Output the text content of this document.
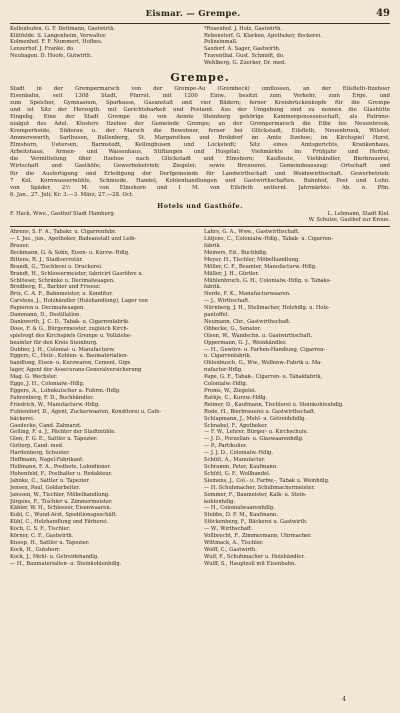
Eismar. — Grempe.	49
Kellenhufen. G. F. Dettmann, Gastwirth.
Klütfelde. S. Langenheim, Verwalter.
Kolmenhof. F. F. Nummert, Hofbes.
Lenzerhof. J. Franke, do.
Neuhagen. D. Hoofe, Gutwirth.
*Rosenhof. J. Holz, Gastwirth.
Rebenstorf. G. Klarken, Apotheker, fleckerei.
Polizeinmall.
Saxdorf. A. Sager, Gastwirth.
Traventhal. Gust. Schmidt, do.
Wehlberg. G. Zuerker, Dr. med.
Grempe.
Stadt in der Grempermarsch von der Grempe-Au (Grembeck) umflossen, an der Eilsfleth-Itzehoer
Eisenbahn, seit 1308 Stadt, Pfarrst. mit 1200 Einw., besitzt zum Verkehr, zum Erge. und
zum Speicher, Gymnasium, Sparkasse, Gasanstalt und vier Bädern; ferner Kreisbrückenkopfe für die Grempe
und ist Sitz der Herzogth. mit Gerichtsbarkeit und Postamt. Aus der Umgebung sind zu nennen die Glashütte
Eingebg. Eine der Stadt Grempe die von Aemte Steinburg gehörige Kammergenossenschaft, als Patrimo-
nialgut des Adel. Klosters Itzehoe der Gemeinde Grempe; an der Grempermarsch die Elbe bis Neuenbrook,
Kremperheide, Süderau u. der Marsch die Bewohner, ferner bei Glückstadt, Eilsfleth, Neuenbrook, Wilster.
Ammerswurth, Sarlhusen, Bullenberg, St. Margarethen und Brokdorf im Amte Itzehoe; im Kirchspiel Horst,
Elmshorn, Uetersen, Barmstedt, Kellinghusen und Lockstedt; Sitz eines Amtsgerichts, Krankenhaus,
Arbeitshaus, Armen- und Waisenhaus, Stiftungen und Hospital; Viehmärkte im Frühjahr und Herbst;
die Vermittelung über Itzehoe nach Glückstadt und Elmshorn; Kaufleute, Viehhändler, Bierbrauerei,
Wirtschaft und Gasthöfe; Gewerbebetrieb; Ziegelei; sowie Brennerei. Gemeindeauszug: Ortschaft und
für die Ausfertigung und Erledigung der Dorfgemeinde für Landwirthschaft und Weidewirthschaft. Gewerbetrieb:
7 Kol. Kornwassermühle, Schmiede, Handel, Kohlenhandlungen und Gastwirthschaften. Bahnhof, Post und Lohn.
von Späder, 2½ M. von Elmshorn und 1 M. von Eilsfleth entfernt. Jahrmärkte: Ab. n. Pfm.
6. Jan., 27. Juli; Kr. 3.—3. März, 27.—28. Oct.
Hotels und Gasthöfe.
F. Hack, Wwe., Gasthof Stadt Hamburg.	L. Lehmann, Stadt Kiel.
W. Schulze, Gasthof zur Kroue.
Ahrens, S. F. A., Tabakr. u. Cigarrenfabr.
— I. Jos., jun., Apotheker, Badeanstalt und Leih-
Brauer.
Beckmann, G. & Sohn, Eisen- u. Kurzw.-Hdlg.
Bittens, R. J., Stadtsecretär.
Brandt, G., Tischlerei u. Druckerei.
Brandt, H., Schlossermeister, fabricirt Gasröhre u.
Schlösser, Schränke u. Decimalwaagen.
Brodberg, E., Barbier und Friseur.
Brix, C. A. F., Bahnmeister, u. Konditor.
Carstens, J., Holzhändler (Holzhandlung), Lager von
Papieren u. Decimalwaagen.
Dammann, D., Destillation.
Dankwerth, J. C. D., Tabak- u. Cigarrenfabrik.
Dose, F. & G., Bürgermeister, zugleich Kirch-
spielvogt des Kirchspiels Grempe u. Vollziehe-
beamter für den Kreis Steinburg.
Dubber, J. H., Colonial- u. Manufacturw.
Eggers, C., Holz-, Kohlen- u. Baumaterialien-
handlung, Eisen- u. Kurzwaren, Cement, Gips
lager, Agent der Assecuranz-Generalversicherung
Mag. G. Wechsler.
Egge, J. H., Colonialw.-Hdlg.
Eggers, A., Lohnkutscher u. Fuhrm.-Hdlg.
Fahrenberg, F. D., Buchhändler.
Friedrich, W., Manufacturw.-Hdlg.
Fuhlendorf, D., Agent, Zuckerwaaren, Konditorei u. Café-
bäckerei.
Gaedecke, Cand. Zahnarzt.
Gelling, F. u. J., Pächter der Stadtmühle.
Glen, F. G. E., Sattler u. Tapezier.
Gottorp, Cand. med.
Hardenberg, Schuster.
Hoffmann, Nagel-Fabrikant.
Hollmann, F. A., Postbote, Lohndiener.
Hohenfeld, F., Posthalter u. Redakteur.
Jahnke, C., Sattler u. Tapezier.
Jensen, Paul, Goldarbeiter.
Janssen, W., Tischler, Möbelhandlung.
Jürgens, F., Tischler u. Zimmermeister.
Kähler, W. H., Schlosser, Eisenwaaren.
Kuhl, C., Wund-Arzt, Speditionsgeschäft.
Kühl, C., Holzhandlung und Färberei.
Koch, C. S. F., Tischler.
Körner, C. F., Gastwirth.
Knoop, H., Sattler u. Tapezier.
Kock, H., Gutsherr.
Kock, J., Mehl- u. Getreidehandlg.
— H., Baumaterialien- u. Steinkohlenhdlg.
Lahrs, G. A., Wwe., Gastwirthschaft.
Lütjens, C., Colonialw.-Hdlg., Tabak- u. Cigarren-
fabrik.
Meiners, Ed., Buchhdlg.
Meyer, H., Tischler, Möbelhandlung.
Möller, C. F., Beamter, Manufacturw.-Hdlg.
Müller, J. H., Gürtler.
Mühlenbruch, G. H., Colonialw.-Hdlg. u. Tabaks-
fabrik.
Nerde, F. K., Manufacturwaaren.
— J., Wirthschaft.
Nürnberg, J. H., Stellmacher, Holzhdlg. u. Holz-
pantoffel.
Neumann, Chr., Gastwirthschaft.
Obbecke, G., Senator.
Olsen, W., Wandschn. u. Gastwirthschaft.
Oppermann, G. J., Weinhändler.
— H., Gewürz- u. Farben-Handlung, Cigarren-
u. Cigarrenfabrik.
Ohlenbusch, G., Ww., Wollenw.-Fabrik u. Ma-
nufactur-Hdlg.
Pape, G. F., Tabak-, Cigarren- u. Tabakfabrik,
Colonialw.-Hdlg.
Proms, W., Ziegelei.
Rathje, C., Kurzw.-Hdlg.
Reimer, D., Kaufmann, Tischlerei u. Steinkohlenhdlg.
Rode, H., Bierbrauerei u. Gastwirthschaft.
Schlapmann, J., Mehl- u. Getreidehdlg.
Schnabel, F., Apotheker.
— F. W., Lehrer, Bürger- u. Kirchschule.
— J. D., Porzellan- u. Glaswaarenhdlg.
— P., Partikulier.
— J. J. D., Colonialw.-Hdlg.
Schütt, A., Manufactur.
Schramm, Peter, Kaufmann.
Schütt, G. F., Wollbandel.
Siemens, J., Col.- u. Farbw.-, Tabak u. Weinhdlg.
— H. Schuhmacher, Schuhmachermeister.
Sommer, F., Baumeister, Kalk- u. Stein-
kohlenhdlg.
— H., Colonialwaarenhdlg.
Stebbe, D. F. M., Kaufmann.
Stöckenberg, F., Bäckerei u. Gastwirth.
— W., Wirthschaft.
Vollbrecht, F., Zimmermann, Uhrmacher.
Wittmack, A., Tischler.
Wolff, C., Gastwirth.
Wulf, F., Schuhmacher u. Holzhändler.
Wulff, S., Hauptzoll mit Eisenbahn.
4
